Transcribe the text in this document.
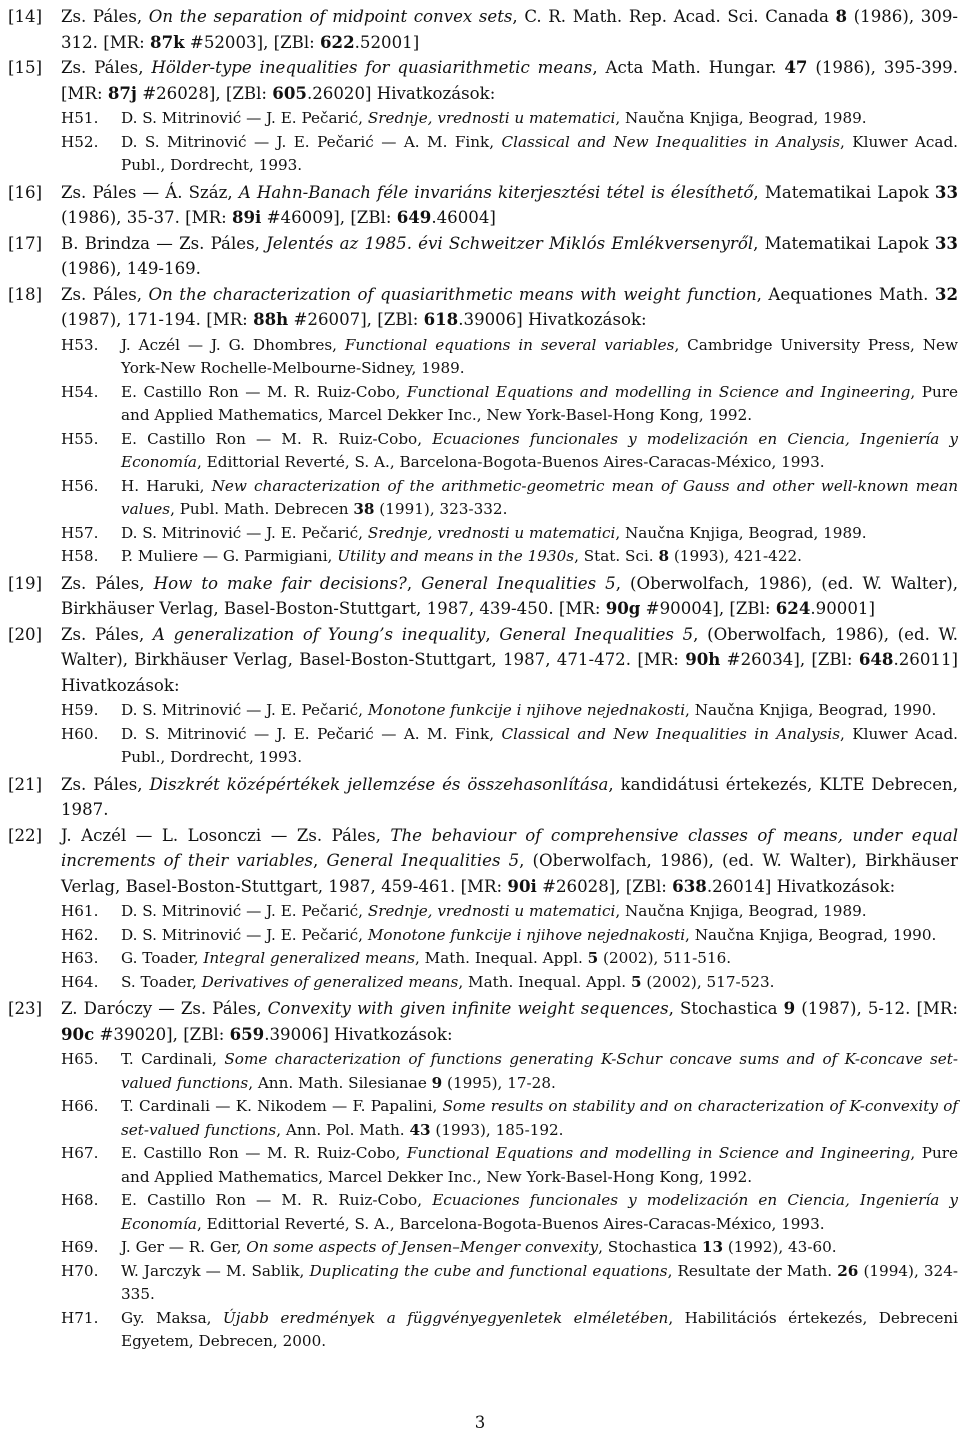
[14] Zs. Páles, On the separation of midpoint convex sets, C. R. Math. Rep. Acad. Sci. Canada 8 (1986), 309-312. [MR: 87k #52003], [ZBl: 622.52001]
[15] Zs. Páles, Hölder-type inequalities for quasiarithmetic means, Acta Math. Hungar. 47 (1986), 395-399. [MR: 87j #26028], [ZBl: 605.26020] Hivatkozások:
H51. D. S. Mitrinović — J. E. Pečarić, Srednje, vrednosti u matematici, Naučna Knjiga, Beograd, 1989.
H52. D. S. Mitrinović — J. E. Pečarić — A. M. Fink, Classical and New Inequalities in Analysis, Kluwer Acad. Publ., Dordrecht, 1993.
[16] Zs. Páles — Á. Száz, A Hahn-Banach féle invariáns kiterjesztési tétel is élesíthető, Matematikai Lapok 33 (1986), 35-37. [MR: 89i #46009], [ZBl: 649.46004]
[17] B. Brindza — Zs. Páles, Jelentés az 1985. évi Schweitzer Miklós Emlékversenyről, Matematikai Lapok 33 (1986), 149-169.
[18] Zs. Páles, On the characterization of quasiarithmetic means with weight function, Aequationes Math. 32 (1987), 171-194. [MR: 88h #26007], [ZBl: 618.39006] Hivatkozások:
H53. J. Aczél — J. G. Dhombres, Functional equations in several variables, Cambridge University Press, New York-New Rochelle-Melbourne-Sidney, 1989.
H54. E. Castillo Ron — M. R. Ruiz-Cobo, Functional Equations and modelling in Science and Ingineering, Pure and Applied Mathematics, Marcel Dekker Inc., New York-Basel-Hong Kong, 1992.
H55. E. Castillo Ron — M. R. Ruiz-Cobo, Ecuaciones funcionales y modelización en Ciencia, Ingeniería y Economía, Edittorial Reverté, S. A., Barcelona-Bogota-Buenos Aires-Caracas-México, 1993.
H56. H. Haruki, New characterization of the arithmetic-geometric mean of Gauss and other well-known mean values, Publ. Math. Debrecen 38 (1991), 323-332.
H57. D. S. Mitrinović — J. E. Pečarić, Srednje, vrednosti u matematici, Naučna Knjiga, Beograd, 1989.
H58. P. Muliere — G. Parmigiani, Utility and means in the 1930s, Stat. Sci. 8 (1993), 421-422.
[19] Zs. Páles, How to make fair decisions?, General Inequalities 5, (Oberwolfach, 1986), (ed. W. Walter), Birkhäuser Verlag, Basel-Boston-Stuttgart, 1987, 439-450. [MR: 90g #90004], [ZBl: 624.90001]
[20] Zs. Páles, A generalization of Young’s inequality, General Inequalities 5, (Oberwolfach, 1986), (ed. W. Walter), Birkhäuser Verlag, Basel-Boston-Stuttgart, 1987, 471-472. [MR: 90h #26034], [ZBl: 648.26011] Hivatkozások:
H59. D. S. Mitrinović — J. E. Pečarić, Monotone funkcije i njihove nejednakosti, Naučna Knjiga, Beograd, 1990.
H60. D. S. Mitrinović — J. E. Pečarić — A. M. Fink, Classical and New Inequalities in Analysis, Kluwer Acad. Publ., Dordrecht, 1993.
[21] Zs. Páles, Diszkrét középértékek jellemzése és összehasonlítása, kandidátusi értekezés, KLTE Debrecen, 1987.
[22] J. Aczél — L. Losonczi — Zs. Páles, The behaviour of comprehensive classes of means, under equal increments of their variables, General Inequalities 5, (Oberwolfach, 1986), (ed. W. Walter), Birkhäuser Verlag, Basel-Boston-Stuttgart, 1987, 459-461. [MR: 90i #26028], [ZBl: 638.26014] Hivatkozások:
H61. D. S. Mitrinović — J. E. Pečarić, Srednje, vrednosti u matematici, Naučna Knjiga, Beograd, 1989.
H62. D. S. Mitrinović — J. E. Pečarić, Monotone funkcije i njihove nejednakosti, Naučna Knjiga, Beograd, 1990.
H63. G. Toader, Integral generalized means, Math. Inequal. Appl. 5 (2002), 511-516.
H64. S. Toader, Derivatives of generalized means, Math. Inequal. Appl. 5 (2002), 517-523.
[23] Z. Daróczy — Zs. Páles, Convexity with given infinite weight sequences, Stochastica 9 (1987), 5-12. [MR: 90c #39020], [ZBl: 659.39006] Hivatkozások:
H65. T. Cardinali, Some characterization of functions generating K-Schur concave sums and of K-concave set-valued functions, Ann. Math. Silesianae 9 (1995), 17-28.
H66. T. Cardinali — K. Nikodem — F. Papalini, Some results on stability and on characterization of K-convexity of set-valued functions, Ann. Pol. Math. 43 (1993), 185-192.
H67. E. Castillo Ron — M. R. Ruiz-Cobo, Functional Equations and modelling in Science and Ingineering, Pure and Applied Mathematics, Marcel Dekker Inc., New York-Basel-Hong Kong, 1992.
H68. E. Castillo Ron — M. R. Ruiz-Cobo, Ecuaciones funcionales y modelización en Ciencia, Ingeniería y Economía, Edittorial Reverté, S. A., Barcelona-Bogota-Buenos Aires-Caracas-México, 1993.
H69. J. Ger — R. Ger, On some aspects of Jensen–Menger convexity, Stochastica 13 (1992), 43-60.
H70. W. Jarczyk — M. Sablik, Duplicating the cube and functional equations, Resultate der Math. 26 (1994), 324-335.
H71. Gy. Maksa, Újabb eredmények a függvényegyenletek elméletében, Habilitációs értekezés, Debreceni Egyetem, Debrecen, 2000.
3
